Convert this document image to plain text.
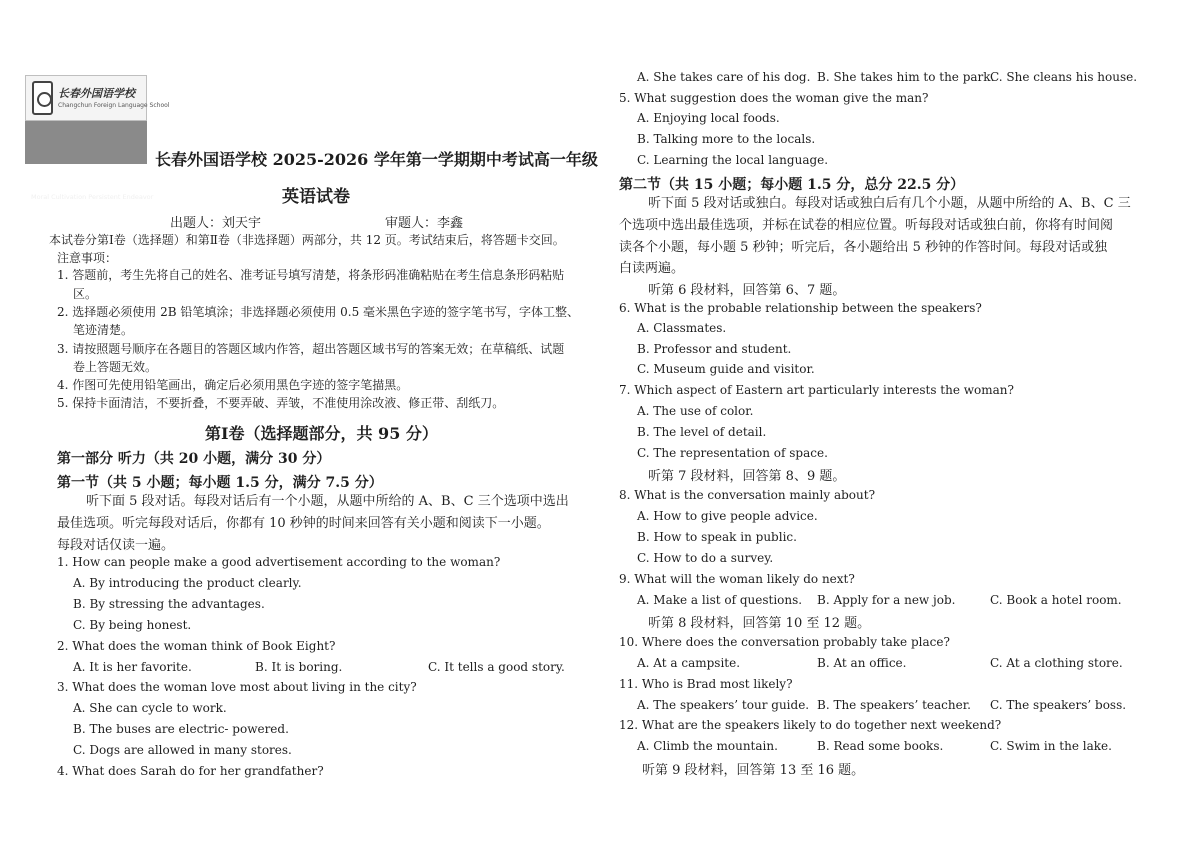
长春外国语学校
Changchun Foreign Language School
敦品兼修 向学笃行
Moral Cultivation Persistent Endeavor
长春外国语学校 2025-2026 学年第一学期期中考试高一年级
英语试卷
出题人：刘天宇	审题人：李鑫
本试卷分第Ⅰ卷（选择题）和第Ⅱ卷（非选择题）两部分，共 12 页。考试结束后，将答题卡交回。
注意事项：
1. 答题前，考生先将自己的姓名、准考证号填写清楚，将条形码准确粘贴在考生信息条形码粘贴
区。
2. 选择题必须使用 2B 铅笔填涂；非选择题必须使用 0.5 毫米黑色字迹的签字笔书写，字体工整、
笔迹清楚。
3. 请按照题号顺序在各题目的答题区域内作答，超出答题区域书写的答案无效；在草稿纸、试题
卷上答题无效。
4. 作图可先使用铅笔画出，确定后必须用黑色字迹的签字笔描黑。
5. 保持卡面清洁，不要折叠，不要弄破、弄皱，不准使用涂改液、修正带、刮纸刀。
第Ⅰ卷（选择题部分，共 95 分）
第一部分 听力（共 20 小题，满分 30 分）
第一节（共 5 小题；每小题 1.5 分，满分 7.5 分）
听下面 5 段对话。每段对话后有一个小题，从题中所给的 A、B、C 三个选项中选出
最佳选项。听完每段对话后，你都有 10 秒钟的时间来回答有关小题和阅读下一小题。
每段对话仅读一遍。
1. How can people make a good advertisement according to the woman?
A. By introducing the product clearly.
B. By stressing the advantages.
C. By being honest.
2. What does the woman think of Book Eight?
A. It is her favorite.	B. It is boring.	C. It tells a good story.
3. What does the woman love most about living in the city?
A. She can cycle to work.
B. The buses are electric- powered.
C. Dogs are allowed in many stores.
4. What does Sarah do for her grandfather?
A. She takes care of his dog. B. She takes him to the park.
C. She cleans his house.
5. What suggestion does the woman give the man?
A. Enjoying local foods.
B. Talking more to the locals.
C. Learning the local language.
第二节（共 15 小题；每小题 1.5 分，总分 22.5 分）
听下面 5 段对话或独白。每段对话或独白后有几个小题，从题中所给的 A、B、C 三
个选项中选出最佳选项，并标在试卷的相应位置。听每段对话或独白前，你将有时间阅
读各个小题，每小题 5 秒钟；听完后，各小题给出 5 秒钟的作答时间。每段对话或独
白读两遍。
听第 6 段材料，回答第 6、7 题。
6. What is the probable relationship between the speakers?
A. Classmates.
B. Professor and student.
C. Museum guide and visitor.
7. Which aspect of Eastern art particularly interests the woman?
A. The use of color.
B. The level of detail.
C. The representation of space.
听第 7 段材料，回答第 8、9 题。
8. What is the conversation mainly about?
A. How to give people advice.
B. How to speak in public.
C. How to do a survey.
9. What will the woman likely do next?
A. Make a list of questions. B. Apply for a new job.	C. Book a hotel room.
听第 8 段材料，回答第 10 至 12 题。
10. Where does the conversation probably take place?
A. At a campsite.	B. At an office.	C. At a clothing store.
11. Who is Brad most likely?
A. The speakers’ tour guide. B. The speakers’ teacher. C. The speakers’ boss.
12. What are the speakers likely to do together next weekend?
A. Climb the mountain.	B. Read some books.	C. Swim in the lake.
听第 9 段材料，回答第 13 至 16 题。
